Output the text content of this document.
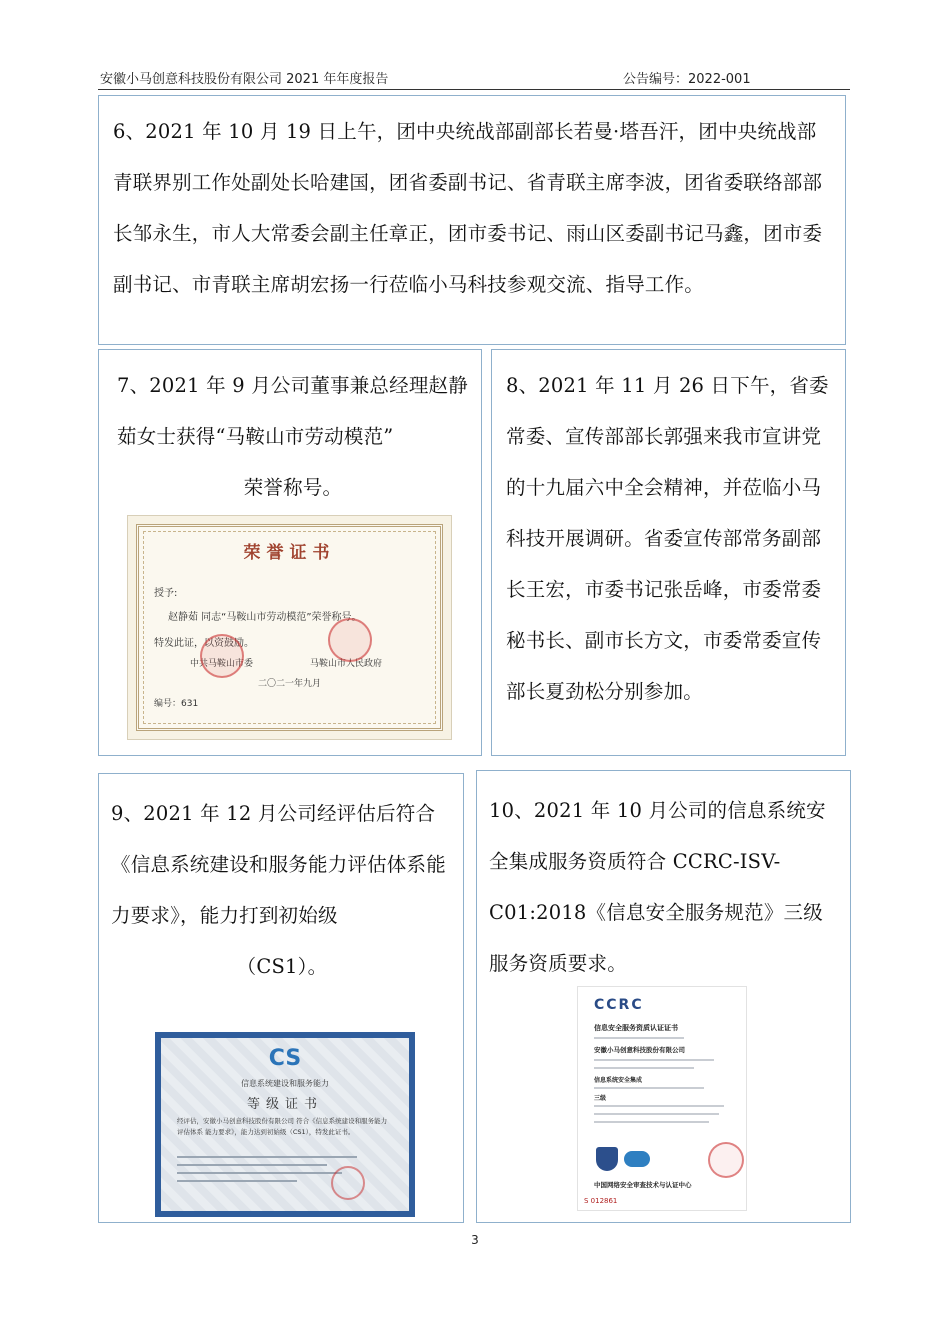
安徽小马创意科技股份有限公司 2021 年年度报告	公告编号：2022-001

6、2021 年 10 月 19 日上午，团中央统战部副部长若曼·塔吾汗，团中央统战部青联界别工作处副处长哈建国，团省委副书记、省青联主席李波，团省委联络部部长邹永生，市人大常委会副主任章正，团市委书记、雨山区委副书记马鑫，团市委副书记、市青联主席胡宏扬一行莅临小马科技参观交流、指导工作。

7、2021 年 9 月公司董事兼总经理赵静茹女士获得“马鞍山市劳动模范”

荣誉称号。

荣誉证书
授予:
赵静茹 同志“马鞍山市劳动模范”荣誉称号。
特发此证，以资鼓励。
中共马鞍山市委	马鞍山市人民政府
二〇二一年九月
编号：631

8、2021 年 11 月 26 日下午，省委常委、宣传部部长郭强来我市宣讲党的十九届六中全会精神，并莅临小马科技开展调研。省委宣传部常务副部长王宏，市委书记张岳峰，市委常委秘书长、副市长方文，市委常委宣传部长夏劲松分别参加。

9、2021 年 12 月公司经评估后符合《信息系统建设和服务能力评估体系能力要求》，能力打到初始级

（CS1）。

CS
信息系统建设和服务能力
等级证书
经评估，安徽小马创意科技股份有限公司 符合《信息系统建设和服务能力评估体系 能力要求》，能力达到初始级（CS1），特发此证书。

10、2021 年 10 月公司的信息系统安全集成服务资质符合 CCRC-ISV-C01:2018《信息安全服务规范》三级服务资质要求。

CCRC
信息安全服务资质认证证书
安徽小马创意科技股份有限公司
信息系统安全集成
三级
中国网络安全审查技术与认证中心
S 012861
3
